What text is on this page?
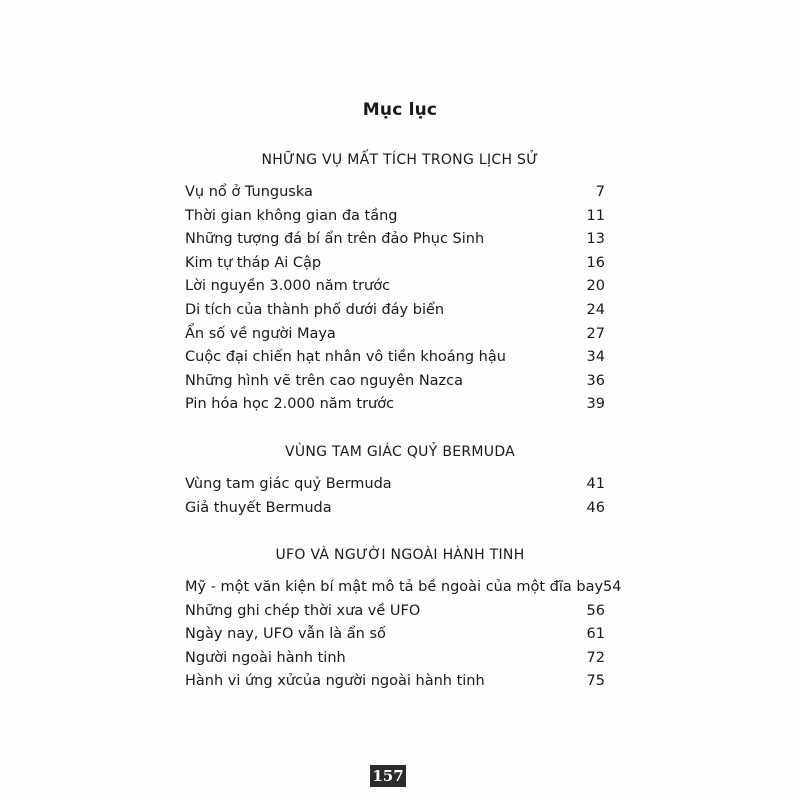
Mục lục
NHỮNG VỤ MẤT TÍCH TRONG LỊCH SỬ
Vụ nổ ở Tunguska	7
Thời gian không gian đa tầng	11
Những tượng đá bí ẩn trên đảo Phục Sinh	13
Kim tự tháp Ai Cập	16
Lời nguyền 3.000 năm trước	20
Di tích của thành phố dưới đáy biển	24
Ẩn số về người Maya	27
Cuộc đại chiến hạt nhân vô tiền khoáng hậu	34
Những hình vẽ trên cao nguyên Nazca	36
Pin hóa học 2.000 năm trước	39
VÙNG TAM GIÁC QUỶ BERMUDA
Vùng tam giác quỷ Bermuda	41
Giả thuyết Bermuda	46
UFO VÀ NGƯỜI NGOÀI HÀNH TINH
Mỹ - một văn kiện bí mật mô tả bề ngoài của một đĩa bay 54
Những ghi chép thời xưa về UFO	56
Ngày nay, UFO vẫn là ẩn số	61
Người ngoài hành tinh	72
Hành vi ứng xửcủa người ngoài hành tinh	75
157
